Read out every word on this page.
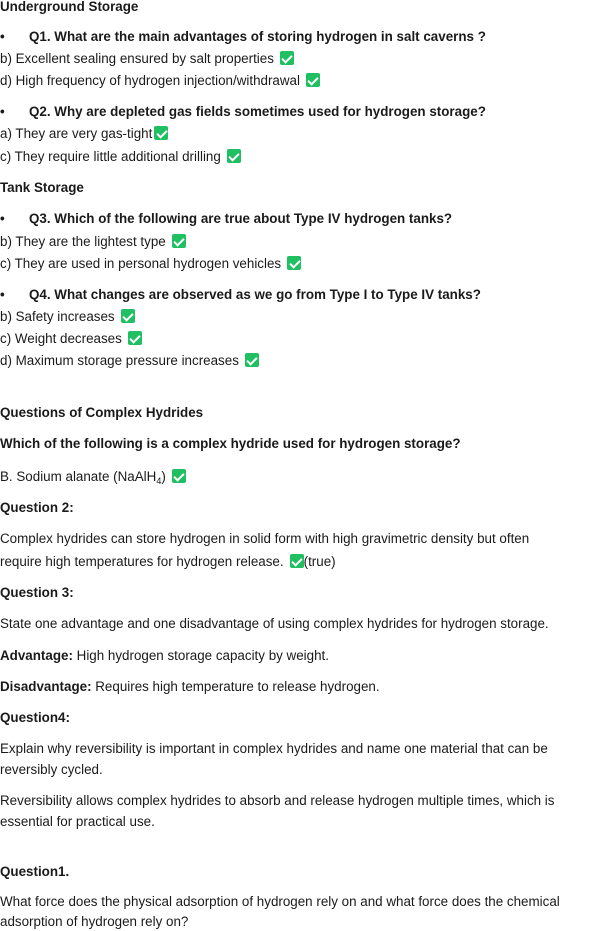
Underground Storage
• Q1. What are the main advantages of storing hydrogen in salt caverns ?
b) Excellent sealing ensured by salt properties
d) High frequency of hydrogen injection/withdrawal
• Q2. Why are depleted gas fields sometimes used for hydrogen storage?
a) They are very gas-tight
c) They require little additional drilling
Tank Storage
• Q3. Which of the following are true about Type IV hydrogen tanks?
b) They are the lightest type
c) They are used in personal hydrogen vehicles
• Q4. What changes are observed as we go from Type I to Type IV tanks?
b) Safety increases
c) Weight decreases
d) Maximum storage pressure increases
Questions of Complex Hydrides
Which of the following is a complex hydride used for hydrogen storage?
B. Sodium alanate (NaAlH$_4$)
Question 2:
Complex hydrides can store hydrogen in solid form with high gravimetric density but often
require high temperatures for hydrogen release. (true)
Question 3:
State one advantage and one disadvantage of using complex hydrides for hydrogen storage.
Advantage: High hydrogen storage capacity by weight.
Disadvantage: Requires high temperature to release hydrogen.
Question4:
Explain why reversibility is important in complex hydrides and name one material that can be
reversibly cycled.
Reversibility allows complex hydrides to absorb and release hydrogen multiple times, which is
essential for practical use.
Question1.
What force does the physical adsorption of hydrogen rely on and what force does the chemical
adsorption of hydrogen rely on?
